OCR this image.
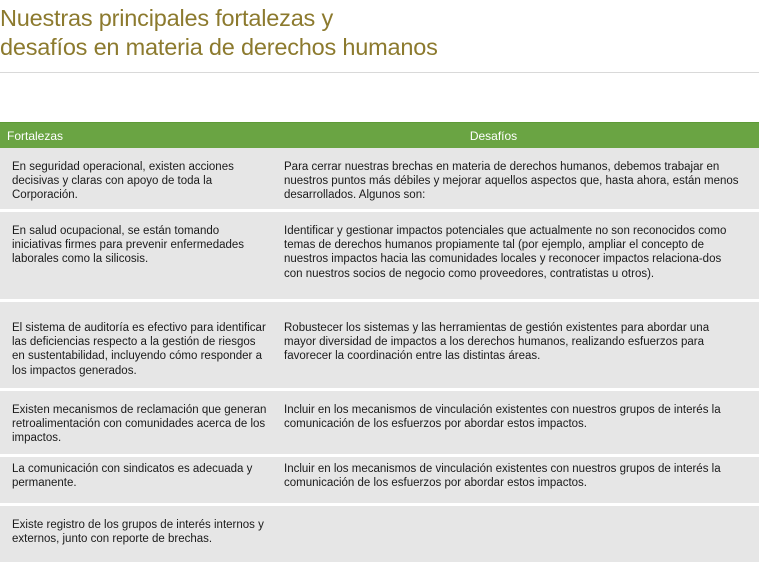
Nuestras principales fortalezas y
desafíos en materia de derechos humanos
Fortalezas	Desafíos
En seguridad operacional, existen acciones decisivas y claras con apoyo de toda la Corporación.
Para cerrar nuestras brechas en materia de derechos humanos, debemos trabajar en nuestros puntos más débiles y mejorar aquellos aspectos que, hasta ahora, están menos desarrollados. Algunos son:
En salud ocupacional, se están tomando iniciativas firmes para prevenir enfermedades laborales como la silicosis.
Identificar y gestionar impactos potenciales que actualmente no son reconocidos como temas de derechos humanos propiamente tal (por ejemplo, ampliar el concepto de nuestros impactos hacia las comunidades locales y reconocer impactos relaciona-dos con nuestros socios de negocio como proveedores, contratistas u otros).
El sistema de auditoría es efectivo para identificar las deficiencias respecto a la gestión de riesgos en sustentabilidad, incluyendo cómo responder a los impactos generados.
Robustecer los sistemas y las herramientas de gestión existentes para abordar una mayor diversidad de impactos a los derechos humanos, realizando esfuerzos para favorecer la coordinación entre las distintas áreas.
Existen mecanismos de reclamación que generan retroalimentación con comunidades acerca de los impactos.
Incluir en los mecanismos de vinculación existentes con nuestros grupos de interés la comunicación de los esfuerzos por abordar estos impactos.
La comunicación con sindicatos es adecuada y permanente.
Incluir en los mecanismos de vinculación existentes con nuestros grupos de interés la comunicación de los esfuerzos por abordar estos impactos.
Existe registro de los grupos de interés internos y externos, junto con reporte de brechas.
